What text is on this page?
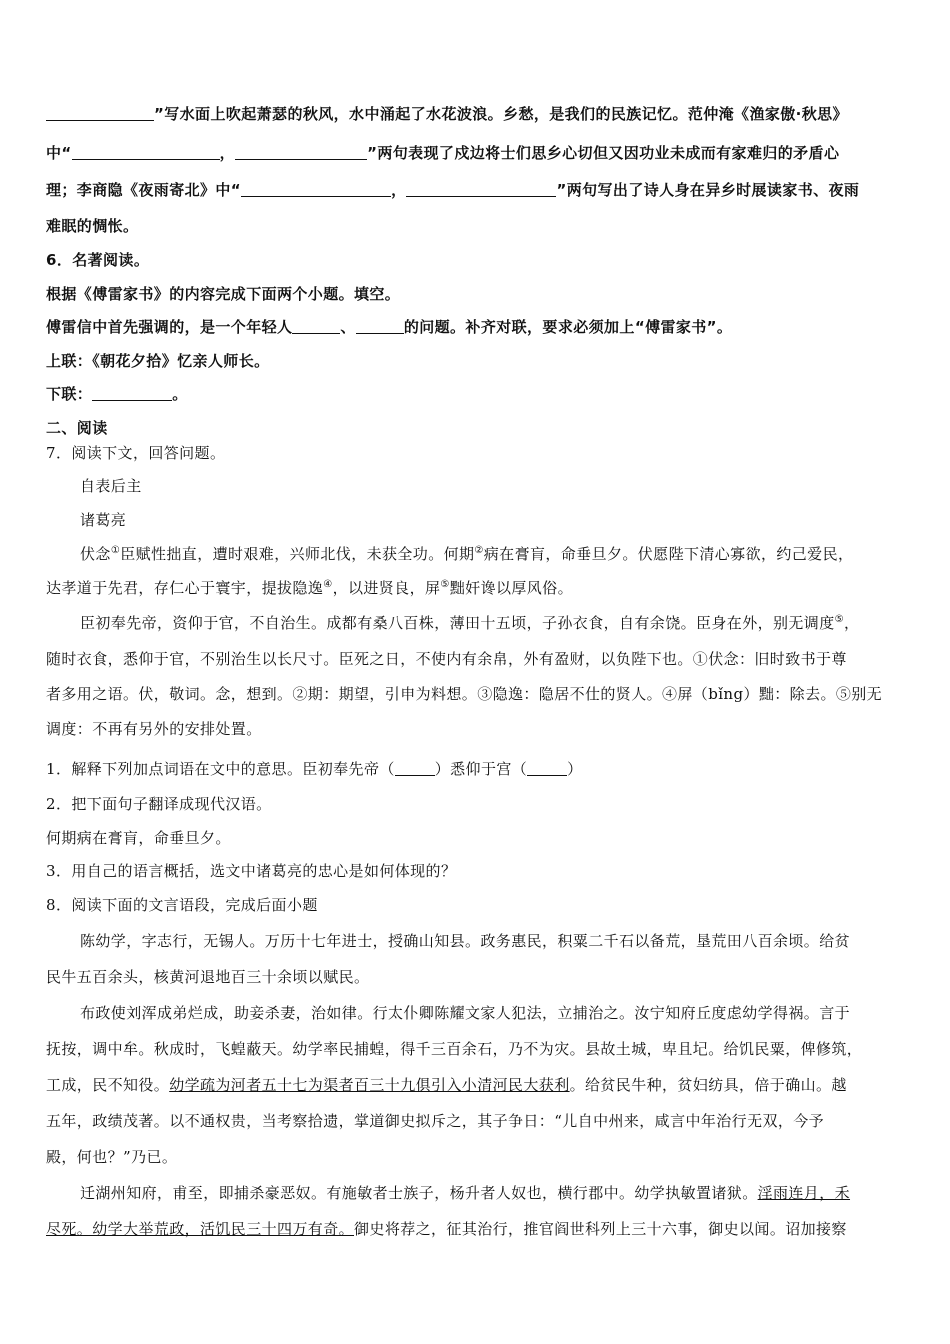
”写水面上吹起萧瑟的秋风，水中涌起了水花波浪。乡愁，是我们的民族记忆。范仲淹《渔家傲·秋思》
中“	，	”两句表现了戍边将士们思乡心切但又因功业未成而有家难归的矛盾心
理；李商隐《夜雨寄北》中“	，	”两句写出了诗人身在异乡时展读家书、夜雨
难眠的惆怅。
6．名著阅读。
根据《傅雷家书》的内容完成下面两个小题。填空。
傅雷信中首先强调的，是一个年轻人	、	的问题。补齐对联，要求必须加上“傅雷家书”。
上联：《朝花夕拾》忆亲人师长。
下联：	。
二、阅读
7．阅读下文，回答问题。
自表后主
诸葛亮
伏念①臣赋性拙直，遭时艰难，兴师北伐，未获全功。何期②病在膏肓，命垂旦夕。伏愿陛下清心寡欲，约己爱民，
达孝道于先君，存仁心于寰宇，提拔隐逸④，以进贤良，屏⑤黜奸谗以厚风俗。
臣初奉先帝，资仰于官，不自治生。成都有桑八百株，薄田十五顷，子孙衣食，自有余饶。臣身在外，别无调度⑤，
随时衣食，悉仰于官，不别治生以长尺寸。臣死之日，不使内有余帛，外有盈财，以负陛下也。①伏念：旧时致书于尊
者多用之语。伏，敬词。念，想到。②期：期望，引申为料想。③隐逸：隐居不仕的贤人。④屏（bǐng）黜：除去。⑤别无
调度：不再有另外的安排处置。
1．解释下列加点词语在文中的意思。臣初奉先帝（	）悉仰于宫（	）
2．把下面句子翻译成现代汉语。
何期病在膏肓，命垂旦夕。
3．用自己的语言概括，选文中诸葛亮的忠心是如何体现的？
8．阅读下面的文言语段，完成后面小题
陈幼学，字志行，无锡人。万历十七年进士，授确山知县。政务惠民，积粟二千石以备荒，垦荒田八百余顷。给贫
民牛五百余头，核黄河退地百三十余顷以赋民。
布政使刘浑成弟烂成，助妾杀妻，治如律。行太仆卿陈耀文家人犯法，立捕治之。汝宁知府丘度虑幼学得祸。言于
抚按，调中牟。秋成时，飞蝗蔽天。幼学率民捕蝗，得千三百余石，乃不为灾。县故土城，卑且圮。给饥民粟，俾修筑，
工成，民不知役。幼学疏为河者五十七为渠者百三十九俱引入小清河民大获利。给贫民牛种，贫妇纺具，倍于确山。越
五年，政绩茂著。以不通权贵，当考察拾遗，掌道御史拟斥之，其子争日：“儿自中州来，咸言中年治行无双，今予
殿，何也？”乃已。
迁湖州知府，甫至，即捕杀豪恶奴。有施敏者士族子，杨升者人奴也，横行郡中。幼学执敏置诸狱。淫雨连月，禾
尽死。幼学大举荒政，活饥民三十四万有奇。御史将荐之，征其治行，推官阎世科列上三十六事，御史以闻。诏加接察
